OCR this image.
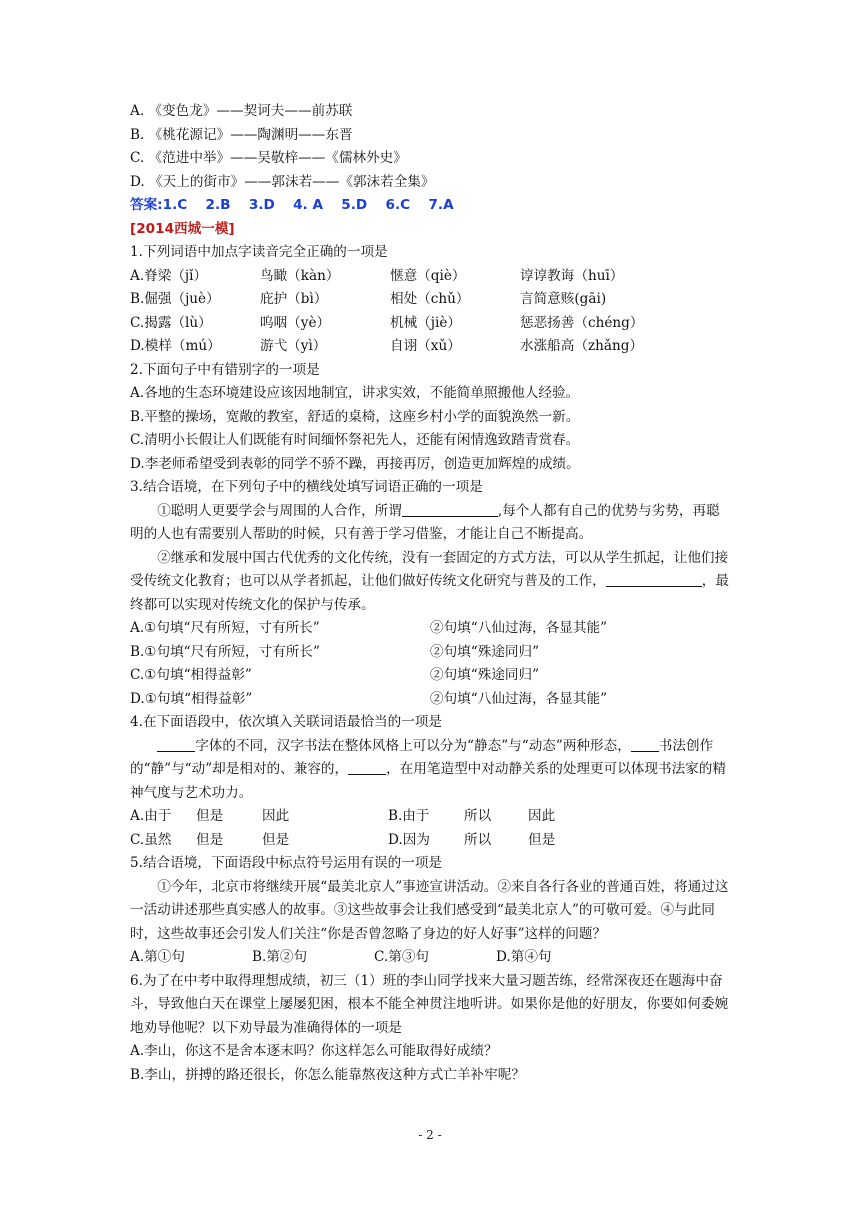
A. 《变色龙》——契诃夫——前苏联
B. 《桃花源记》——陶渊明——东晋
C. 《范进中举》——吴敬梓——《儒林外史》
D. 《天上的街市》——郭沫若——《郭沫若全集》
答案:1.C　 2.B　 3.D　 4. A　 5.D　 6.C　 7.A
[2014西城一模]
1.下列词语中加点字读音完全正确的一项是
A.脊梁（jǐ）	鸟瞰（kàn）	惬意（qiè）	谆谆教诲（huī）
B.倔强（juè）	庇护（bì）	相处（chǔ）	言简意赅(gāi)
C.揭露（lù）	呜咽（yè）	机械（jiè）	惩恶扬善（chéng）
D.模样（mú）	游弋（yì）	自诩（xǔ）	水涨船高（zhǎng）
2.下面句子中有错别字的一项是
A.各地的生态环境建设应该因地制宜，讲求实效，不能简单照搬他人经验。
B.平整的操场，宽敞的教室，舒适的桌椅，这座乡村小学的面貌涣然一新。
C.清明小长假让人们既能有时间缅怀祭祀先人，还能有闲情逸致踏青赏春。
D.李老师希望受到表彰的同学不骄不躁，再接再厉，创造更加辉煌的成绩。
3.结合语境，在下列句子中的横线处填写词语正确的一项是
①聪明人更要学会与周围的人合作，所谓	,每个人都有自己的优势与劣势，再聪明的人也有需要别人帮助的时候，只有善于学习借鉴，才能让自己不断提高。
②继承和发展中国古代优秀的文化传统，没有一套固定的方式方法，可以从学生抓起，让他们接受传统文化教育；也可以从学者抓起，让他们做好传统文化研究与普及的工作，	，最终都可以实现对传统文化的保护与传承。
A.①句填“尺有所短，寸有所长”	②句填“八仙过海，各显其能”
B.①句填“尺有所短，寸有所长”	②句填“殊途同归”
C.①句填“相得益彰”	②句填“殊途同归”
D.①句填“相得益彰”	②句填“八仙过海，各显其能”
4.在下面语段中，依次填入关联词语最恰当的一项是
字体的不同，汉字书法在整体风格上可以分为“静态”与“动态”两种形态， 书法创作的“静”与“动”却是相对的、兼容的，	，在用笔造型中对动静关系的处理更可以体现书法家的精神气度与艺术功力。
A.由于	但是	因此	B.由于	所以	因此
C.虽然	但是	但是	D.因为	所以	但是
5.结合语境，下面语段中标点符号运用有误的一项是
①今年，北京市将继续开展“最美北京人”事迹宣讲活动。②来自各行各业的普通百姓，将通过这一活动讲述那些真实感人的故事。③这些故事会让我们感受到“最美北京人”的可敬可爱。④与此同时，这些故事还会引发人们关注“你是否曾忽略了身边的好人好事”这样的问题？
A.第①句	B.第②句	C.第③句	D.第④句
6.为了在中考中取得理想成绩，初三（1）班的李山同学找来大量习题苦练，经常深夜还在题海中奋斗，导致他白天在课堂上屡屡犯困，根本不能全神贯注地听讲。如果你是他的好朋友，你要如何委婉地劝导他呢？以下劝导最为准确得体的一项是
A.李山，你这不是舍本逐末吗？你这样怎么可能取得好成绩？
B.李山，拼搏的路还很长，你怎么能靠熬夜这种方式亡羊补牢呢？
- 2 -
